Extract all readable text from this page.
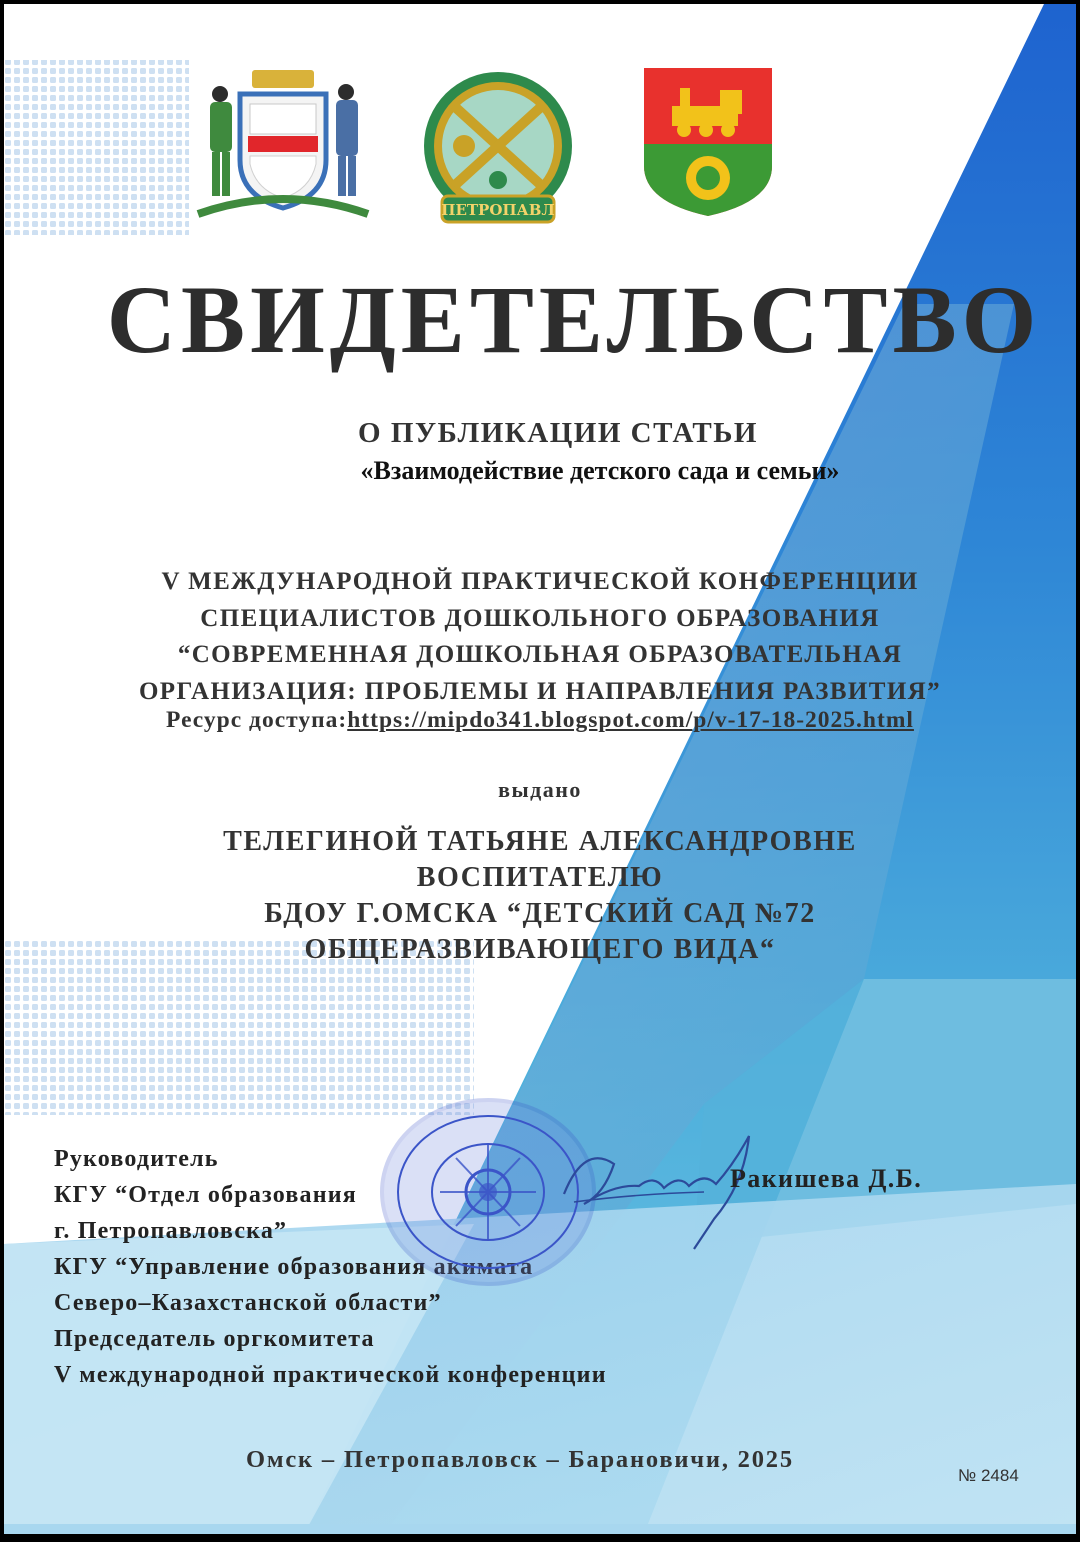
ПЕТРОПАВЛ
СВИДЕТЕЛЬСТВО
О ПУБЛИКАЦИИ СТАТЬИ
«Взаимодействие детского сада и семьи»
V МЕЖДУНАРОДНОЙ ПРАКТИЧЕСКОЙ КОНФЕРЕНЦИИ
СПЕЦИАЛИСТОВ ДОШКОЛЬНОГО ОБРАЗОВАНИЯ
“СОВРЕМЕННАЯ ДОШКОЛЬНАЯ ОБРАЗОВАТЕЛЬНАЯ
ОРГАНИЗАЦИЯ: ПРОБЛЕМЫ И НАПРАВЛЕНИЯ РАЗВИТИЯ”
Ресурс доступа:https://mipdo341.blogspot.com/p/v-17-18-2025.html
выдано
ТЕЛЕГИНОЙ ТАТЬЯНЕ АЛЕКСАНДРОВНЕ
ВОСПИТАТЕЛЮ
БДОУ Г.ОМСКА “ДЕТСКИЙ САД №72
ОБЩЕРАЗВИВАЮЩЕГО ВИДА“
Руководитель
КГУ “Отдел образования
г. Петропавловска”
КГУ “Управление образования акимата
Северо–Казахстанской области”
Председатель оргкомитета
V международной практической конференции
Ракишева Д.Б.
Омск – Петропавловск – Барановичи, 2025
№ 2484
